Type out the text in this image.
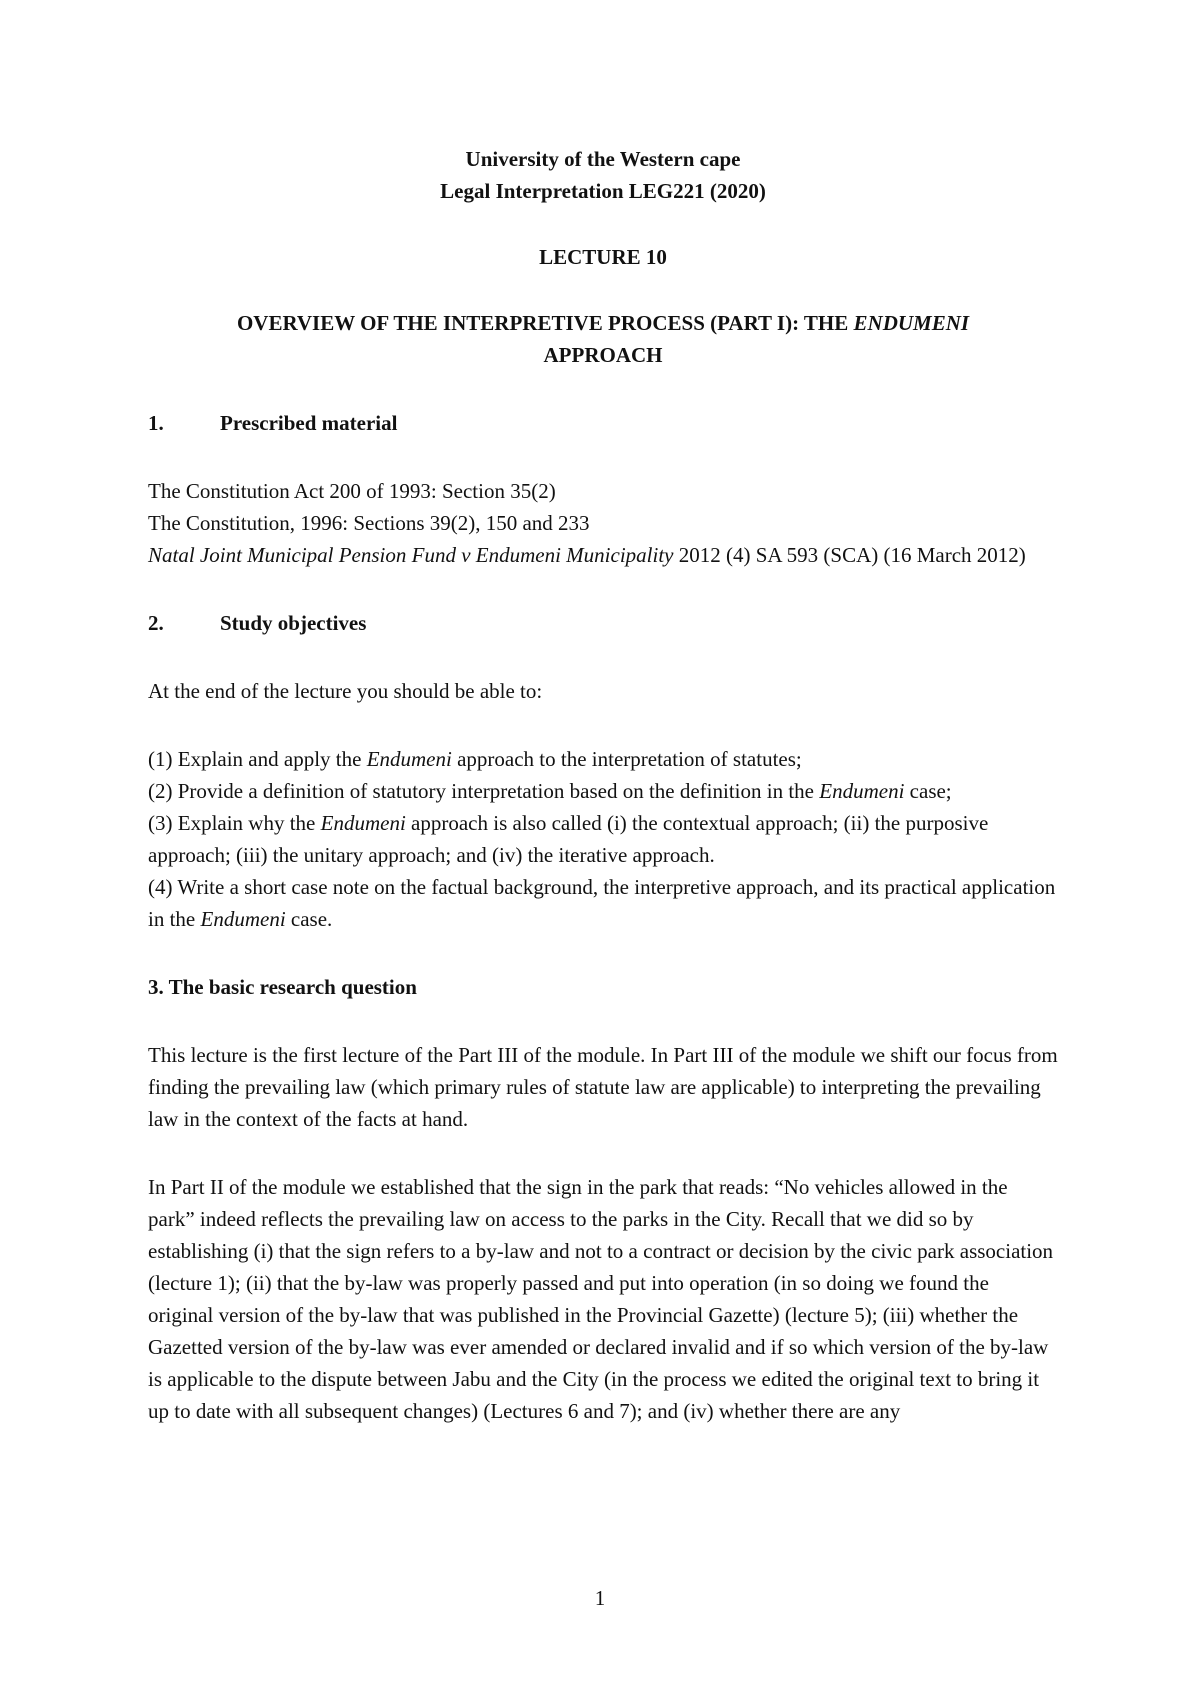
University of the Western cape
Legal Interpretation LEG221 (2020)
LECTURE 10
OVERVIEW OF THE INTERPRETIVE PROCESS (PART I): THE ENDUMENI
APPROACH
1.	Prescribed material

The Constitution Act 200 of 1993: Section 35(2)

The Constitution, 1996: Sections 39(2), 150 and 233

Natal Joint Municipal Pension Fund v Endumeni Municipality 2012 (4) SA 593 (SCA) (16 March 2012)

2.	Study objectives

At the end of the lecture you should be able to:

(1) Explain and apply the Endumeni approach to the interpretation of statutes;

(2) Provide a definition of statutory interpretation based on the definition in the Endumeni case;

(3) Explain why the Endumeni approach is also called (i) the contextual approach; (ii) the purposive approach; (iii) the unitary approach; and (iv) the iterative approach.

(4) Write a short case note on the factual background, the interpretive approach, and its practical application in the Endumeni case.

3. The basic research question

This lecture is the first lecture of the Part III of the module. In Part III of the module we shift our focus from finding the prevailing law (which primary rules of statute law are applicable) to interpreting the prevailing law in the context of the facts at hand.

In Part II of the module we established that the sign in the park that reads: “No vehicles allowed in the park” indeed reflects the prevailing law on access to the parks in the City. Recall that we did so by establishing (i) that the sign refers to a by-law and not to a contract or decision by the civic park association (lecture 1); (ii) that the by-law was properly passed and put into operation (in so doing we found the original version of the by-law that was published in the Provincial Gazette) (lecture 5); (iii) whether the Gazetted version of the by-law was ever amended or declared invalid and if so which version of the by-law is applicable to the dispute between Jabu and the City (in the process we edited the original text to bring it up to date with all subsequent changes) (Lectures 6 and 7); and (iv) whether there are any

1
